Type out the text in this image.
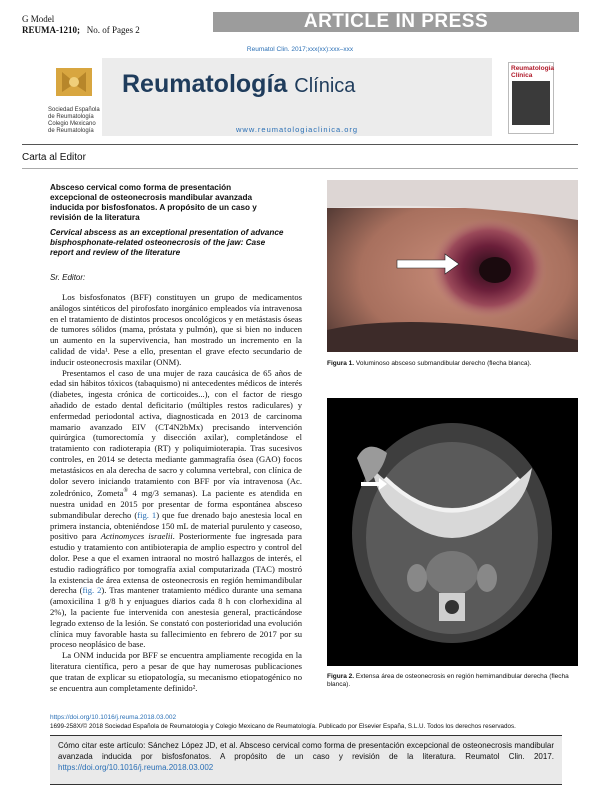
G Model
REUMA-1210; No. of Pages 2	ARTICLE IN PRESS
Reumatol Clin. 2017;xxx(xx):xxx–xxx
Sociedad Española de Reumatología Colegio Mexicano de Reumatología
Reumatología Clínica
www.reumatologiaclinica.org
Reumatología Clínica
Carta al Editor
Absceso cervical como forma de presentación excepcional de osteonecrosis mandibular avanzada inducida por bisfosfonatos. A propósito de un caso y revisión de la literatura
Cervical abscess as an exceptional presentation of advance bisphosphonate-related osteonecrosis of the jaw: Case report and review of the literature
Sr. Editor:

Los bisfosfonatos (BFF) constituyen un grupo de medicamentos análogos sintéticos del pirofosfato inorgánico empleados vía intravenosa en el tratamiento de distintos procesos oncológicos y en metástasis óseas de tumores sólidos (mama, próstata y pulmón), que si bien no inducen un aumento en la supervivencia, han mostrado un incremento en la calidad de vida¹. Pese a ello, presentan el grave efecto secundario de inducir osteonecrosis maxilar (ONM).

Presentamos el caso de una mujer de raza caucásica de 65 años de edad sin hábitos tóxicos (tabaquismo) ni antecedentes médicos de interés (diabetes, ingesta crónica de corticoides...), con el factor de riesgo añadido de estado dental deficitario (múltiples restos radiculares) y enfermedad periodontal activa, diagnosticada en 2013 de carcinoma mamario avanzado EIV (CT4N2bMx) precisando intervención quirúrgica (tumorectomía y disección axilar), completándose el tratamiento con radioterapia (RT) y poliquimioterapia. Tras sucesivos controles, en 2014 se detecta mediante gammagrafía ósea (GAO) focos metastásicos en ala derecha de sacro y columna vertebral, con clínica de dolor severo iniciando tratamiento con BFF por vía intravenosa (Ac. zoledrónico, Zometa® 4 mg/3 semanas). La paciente es atendida en nuestra unidad en 2015 por presentar de forma espontánea absceso submandibular derecho (fig. 1) que fue drenado bajo anestesia local en primera instancia, obteniéndose 150 mL de material purulento y caseoso, positivo para Actinomyces israelii. Posteriormente fue ingresada para estudio y tratamiento con antibioterapia de amplio espectro y control del dolor. Pese a que el examen intraoral no mostró hallazgos de interés, el estudio radiográfico por tomografía axial computarizada (TAC) mostró la existencia de área extensa de osteonecrosis en región hemimandibular derecha (fig. 2). Tras mantener tratamiento médico durante una semana (amoxicilina 1 g/8 h y enjuagues diarios cada 8 h con clorhexidina al 2%), la paciente fue intervenida con anestesia general, practicándose legrado extenso de la lesión. Se constató con posterioridad una evolución clínica muy favorable hasta su fallecimiento en febrero de 2017 por su proceso neoplásico de base.

La ONM inducida por BFF se encuentra ampliamente recogida en la literatura científica, pero a pesar de que hay numerosas publicaciones que tratan de explicar su etiopatología, su mecanismo etiopatogénico no se encuentra aun completamente definido².

Figura 1. Voluminoso absceso submandibular derecho (flecha blanca).
Figura 2. Extensa área de osteonecrosis en región hemimandibular derecha (flecha blanca).
https://doi.org/10.1016/j.reuma.2018.03.002
1699-258X/© 2018 Sociedad Española de Reumatología y Colegio Mexicano de Reumatología. Publicado por Elsevier España, S.L.U. Todos los derechos reservados.
Cómo citar este artículo: Sánchez López JD, et al. Absceso cervical como forma de presentación excepcional de osteonecrosis mandibular avanzada inducida por bisfosfonatos. A propósito de un caso y revisión de la literatura. Reumatol Clin. 2017. https://doi.org/10.1016/j.reuma.2018.03.002
